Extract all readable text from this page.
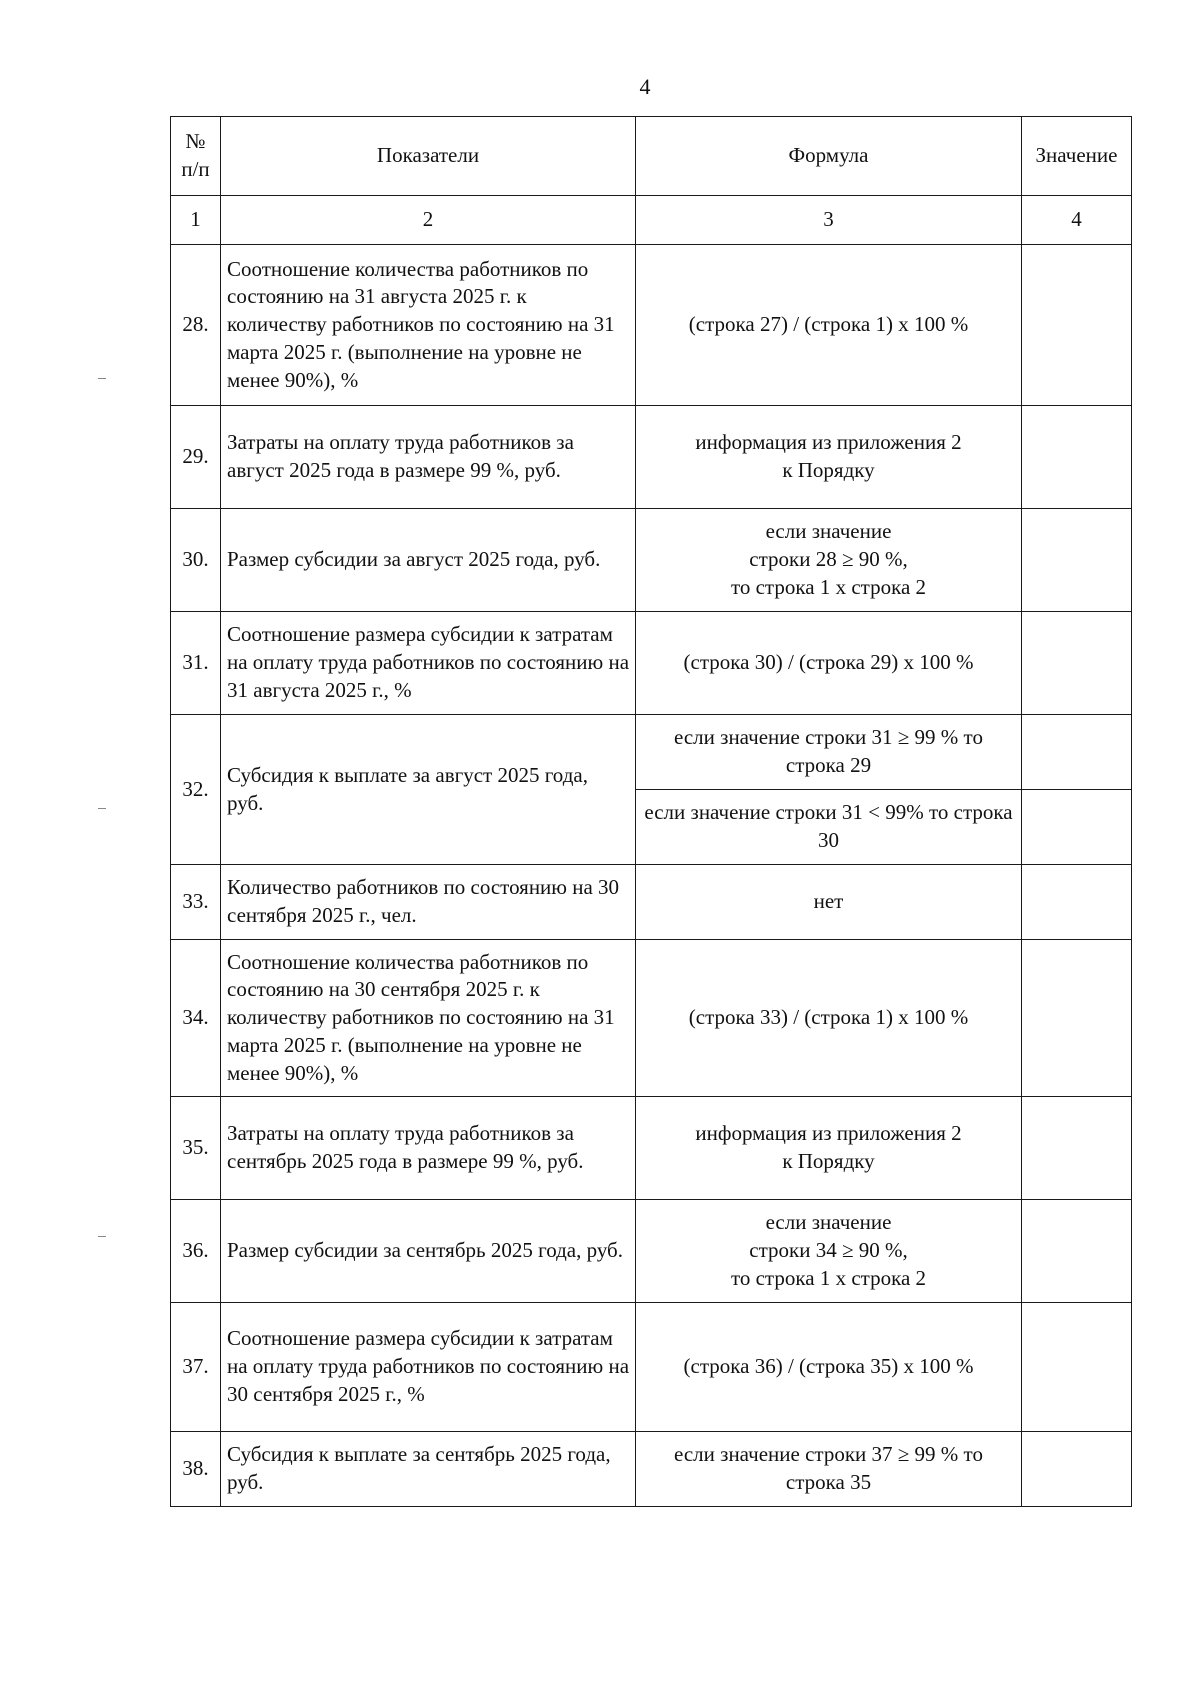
4
№
п/п	Показатели	Формула	Значение
1	2	3	4
28.	Соотношение количества работников по состоянию на 31 августа 2025 г. к количеству работников по состоянию на 31 марта 2025 г. (выполнение на уровне не менее 90%), %	(строка 27) / (строка 1) х 100 %	
29.	Затраты на оплату труда работников за август 2025 года в размере 99 %, руб.	информация из приложения 2
к Порядку	
30.	Размер субсидии за август 2025 года, руб.	если значение
строки 28 ≥ 90 %,
то строка 1 х строка 2	
31.	Соотношение размера субсидии к затратам на оплату труда работников по состоянию на 31 августа 2025 г., %	(строка 30) / (строка 29) х 100 %	
32.	Субсидия к выплате за август 2025 года, руб.	если значение строки 31 ≥ 99 % то строка 29	
		если значение строки 31 < 99% то строка 30	
33.	Количество работников по состоянию на 30 сентября 2025 г., чел.	нет	
34.	Соотношение количества работников по состоянию на 30 сентября 2025 г. к количеству работников по состоянию на 31 марта 2025 г. (выполнение на уровне не менее 90%), %	(строка 33) / (строка 1) х 100 %	
35.	Затраты на оплату труда работников за сентябрь 2025 года в размере 99 %, руб.	информация из приложения 2
к Порядку	
36.	Размер субсидии за сентябрь 2025 года, руб.	если значение
строки 34 ≥ 90 %,
то строка 1 х строка 2	
37.	Соотношение размера субсидии к затратам на оплату труда работников по состоянию на 30 сентября 2025 г., %	(строка 36) / (строка 35) х 100 %	
38.	Субсидия к выплате за сентябрь 2025 года, руб.	если значение строки 37 ≥ 99 % то строка 35	
